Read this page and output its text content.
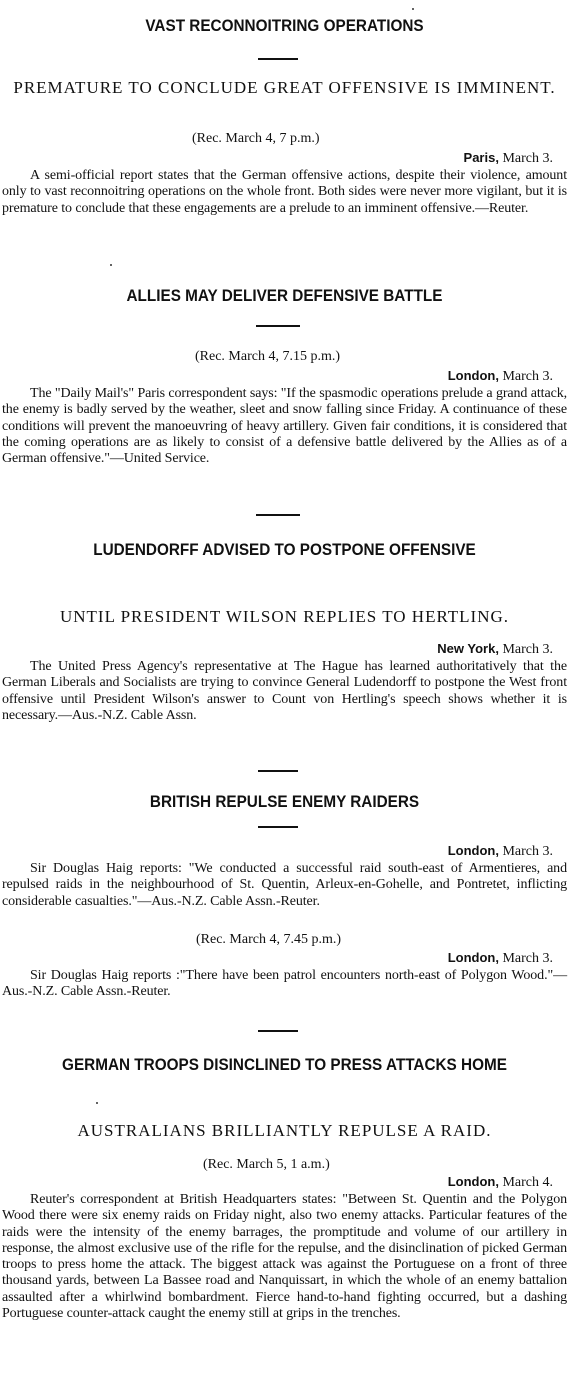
VAST RECONNOITRING OPERATIONS
PREMATURE TO CONCLUDE GREAT OFFENSIVE IS IMMINENT.
(Rec. March 4, 7 p.m.)
Paris, March 3.
A semi-official report states that the German offensive actions, despite their violence, amount only to vast reconnoitring operations on the whole front. Both sides were never more vigilant, but it is premature to conclude that these engagements are a prelude to an imminent offensive.—Reuter.
ALLIES MAY DELIVER DEFENSIVE BATTLE
(Rec. March 4, 7.15 p.m.)
London, March 3.
The "Daily Mail's" Paris correspondent says: "If the spasmodic operations prelude a grand attack, the enemy is badly served by the weather, sleet and snow falling since Friday. A continuance of these conditions will prevent the manoeuvring of heavy artillery. Given fair conditions, it is considered that the coming operations are as likely to consist of a defensive battle delivered by the Allies as of a German offensive."—United Service.
LUDENDORFF ADVISED TO POSTPONE OFFENSIVE
UNTIL PRESIDENT WILSON REPLIES TO HERTLING.
New York, March 3.
The United Press Agency's representative at The Hague has learned authoritatively that the German Liberals and Socialists are trying to convince General Ludendorff to postpone the West front offensive until President Wilson's answer to Count von Hertling's speech shows whether it is necessary.—Aus.-N.Z. Cable Assn.
BRITISH REPULSE ENEMY RAIDERS
London, March 3.
Sir Douglas Haig reports: "We conducted a successful raid south-east of Armentieres, and repulsed raids in the neighbourhood of St. Quentin, Arleux-en-Gohelle, and Pontretet, inflicting considerable casualties."—Aus.-N.Z. Cable Assn.-Reuter.
(Rec. March 4, 7.45 p.m.)
London, March 3.
Sir Douglas Haig reports :"There have been patrol encounters north-east of Polygon Wood."—Aus.-N.Z. Cable Assn.-Reuter.
GERMAN TROOPS DISINCLINED TO PRESS ATTACKS HOME
AUSTRALIANS BRILLIANTLY REPULSE A RAID.
(Rec. March 5, 1 a.m.)
London, March 4.
Reuter's correspondent at British Headquarters states: "Between St. Quentin and the Polygon Wood there were six enemy raids on Friday night, also two enemy attacks. Particular features of the raids were the intensity of the enemy barrages, the promptitude and volume of our artillery in response, the almost exclusive use of the rifle for the repulse, and the disinclination of picked German troops to press home the attack. The biggest attack was against the Portuguese on a front of three thousand yards, between La Bassee road and Nanquissart, in which the whole of an enemy battalion assaulted after a whirlwind bombardment. Fierce hand-to-hand fighting occurred, but a dashing Portuguese counter-attack caught the enemy still at grips in the trenches.
